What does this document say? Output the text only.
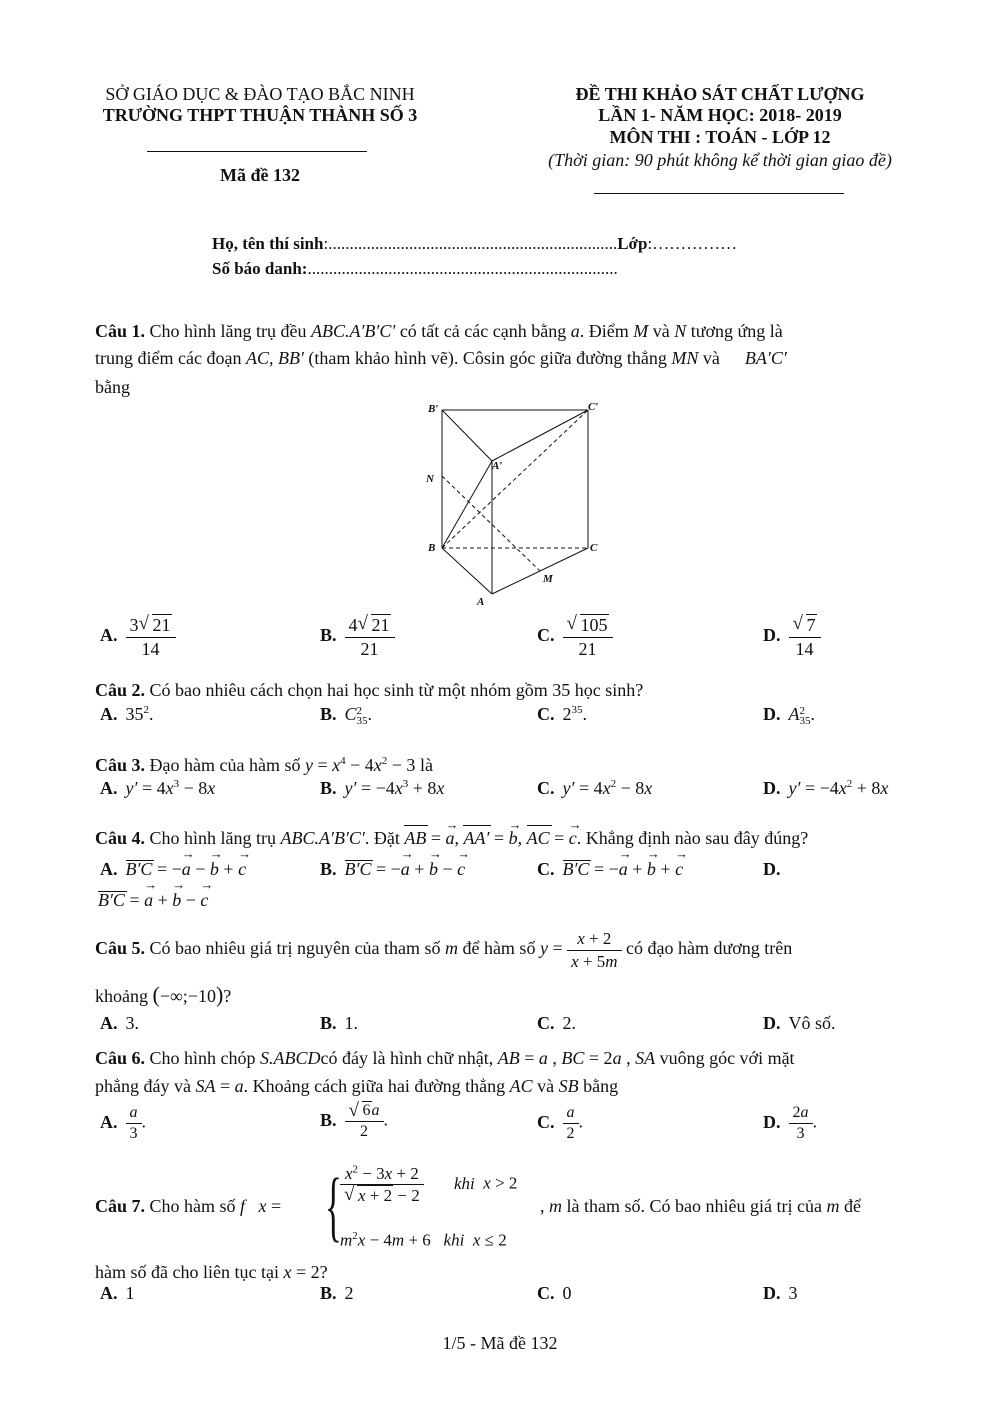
SỞ GIÁO DỤC & ĐÀO TẠO BẮC NINH
TRƯỜNG THPT THUẬN THÀNH SỐ 3
Mã đề 132
ĐỀ THI KHẢO SÁT CHẤT LƯỢNG
LẦN 1- NĂM HỌC: 2018- 2019
MÔN THI : TOÁN - LỚP 12
(Thời gian: 90 phút không kể thời gian giao đề)
Họ, tên thí sinh:....................................................................Lớp:……………
Số báo danh:.........................................................................
Câu 1. Cho hình lăng trụ đều ABC.A′B′C′ có tất cả các cạnh bằng a. Điểm M và N tương ứng là
trung điểm các đoạn AC, BB′ (tham khảo hình vẽ). Côsin góc giữa đường thẳng MN và  BA′C′
bằng
B′	C′
A′
N
B	C
M
A
A. $\frac{3 √ 21}{14}$	B. $\frac{4 √ 21}{21}$	C. √ $\frac{105}{21}$	D. √ $\frac{7}{14}$
Câu 2. Có bao nhiêu cách chọn hai học sinh từ một nhóm gồm 35 học sinh?
A. $35^2$.	B. C2
35.	C. $2^{35}$.	D. A2
35.
Câu 3. Đạo hàm của hàm số $y = x^4 - 4x^2 - 3$ là
A. $y' = 4x^3 - 8x$	B. $y' = -4x^3 + 8x$	C. $y' = 4x^2 - 8x$	D. $y' = -4x^2 + 8x$
Câu 4. Cho hình lăng trụ ABC.A′B′C′. Đặt AB = → a, AA′ = → b, AC = → c. Khẳng định nào sau đây đúng?
A. B′C = −→ a − → b + → c	B. B′C = −→ a + → b − → c	C. B′C = −→ a + → b + → c	D.
B′C = → a + → b − → c
Câu 5. Có bao nhiêu giá trị nguyên của tham số m để hàm số $y = \frac{x + 2}{x + 5m}$ có đạo hàm dương trên
khoảng (−∞;−10)?
A. 3.	B. 1.	C. 2.	D. Vô số.
Câu 6. Cho hình chóp S.ABCDcó đáy là hình chữ nhật, AB = a , BC = 2a , SA vuông góc với mặt
phẳng đáy và SA = a. Khoảng cách giữa hai đường thẳng AC và SB bằng
A. $\frac{a}{3}$ .	B. √ $\frac{6a}{2}$ .	C. $\frac{a}{2}$ .	D. $\frac{2a}{3}$ .
Câu 7. Cho hàm số f x = {
$x^2 - 3x + 2$
√ x + 2 − 2 khi x > 2
$m^2x - 4m + 6$   khi x ≤ 2
, m là tham số. Có bao nhiêu giá trị của m để
hàm số đã cho liên tục tại x = 2?
A. 1	B. 2	C. 0	D. 3
1/5 - Mã đề 132
